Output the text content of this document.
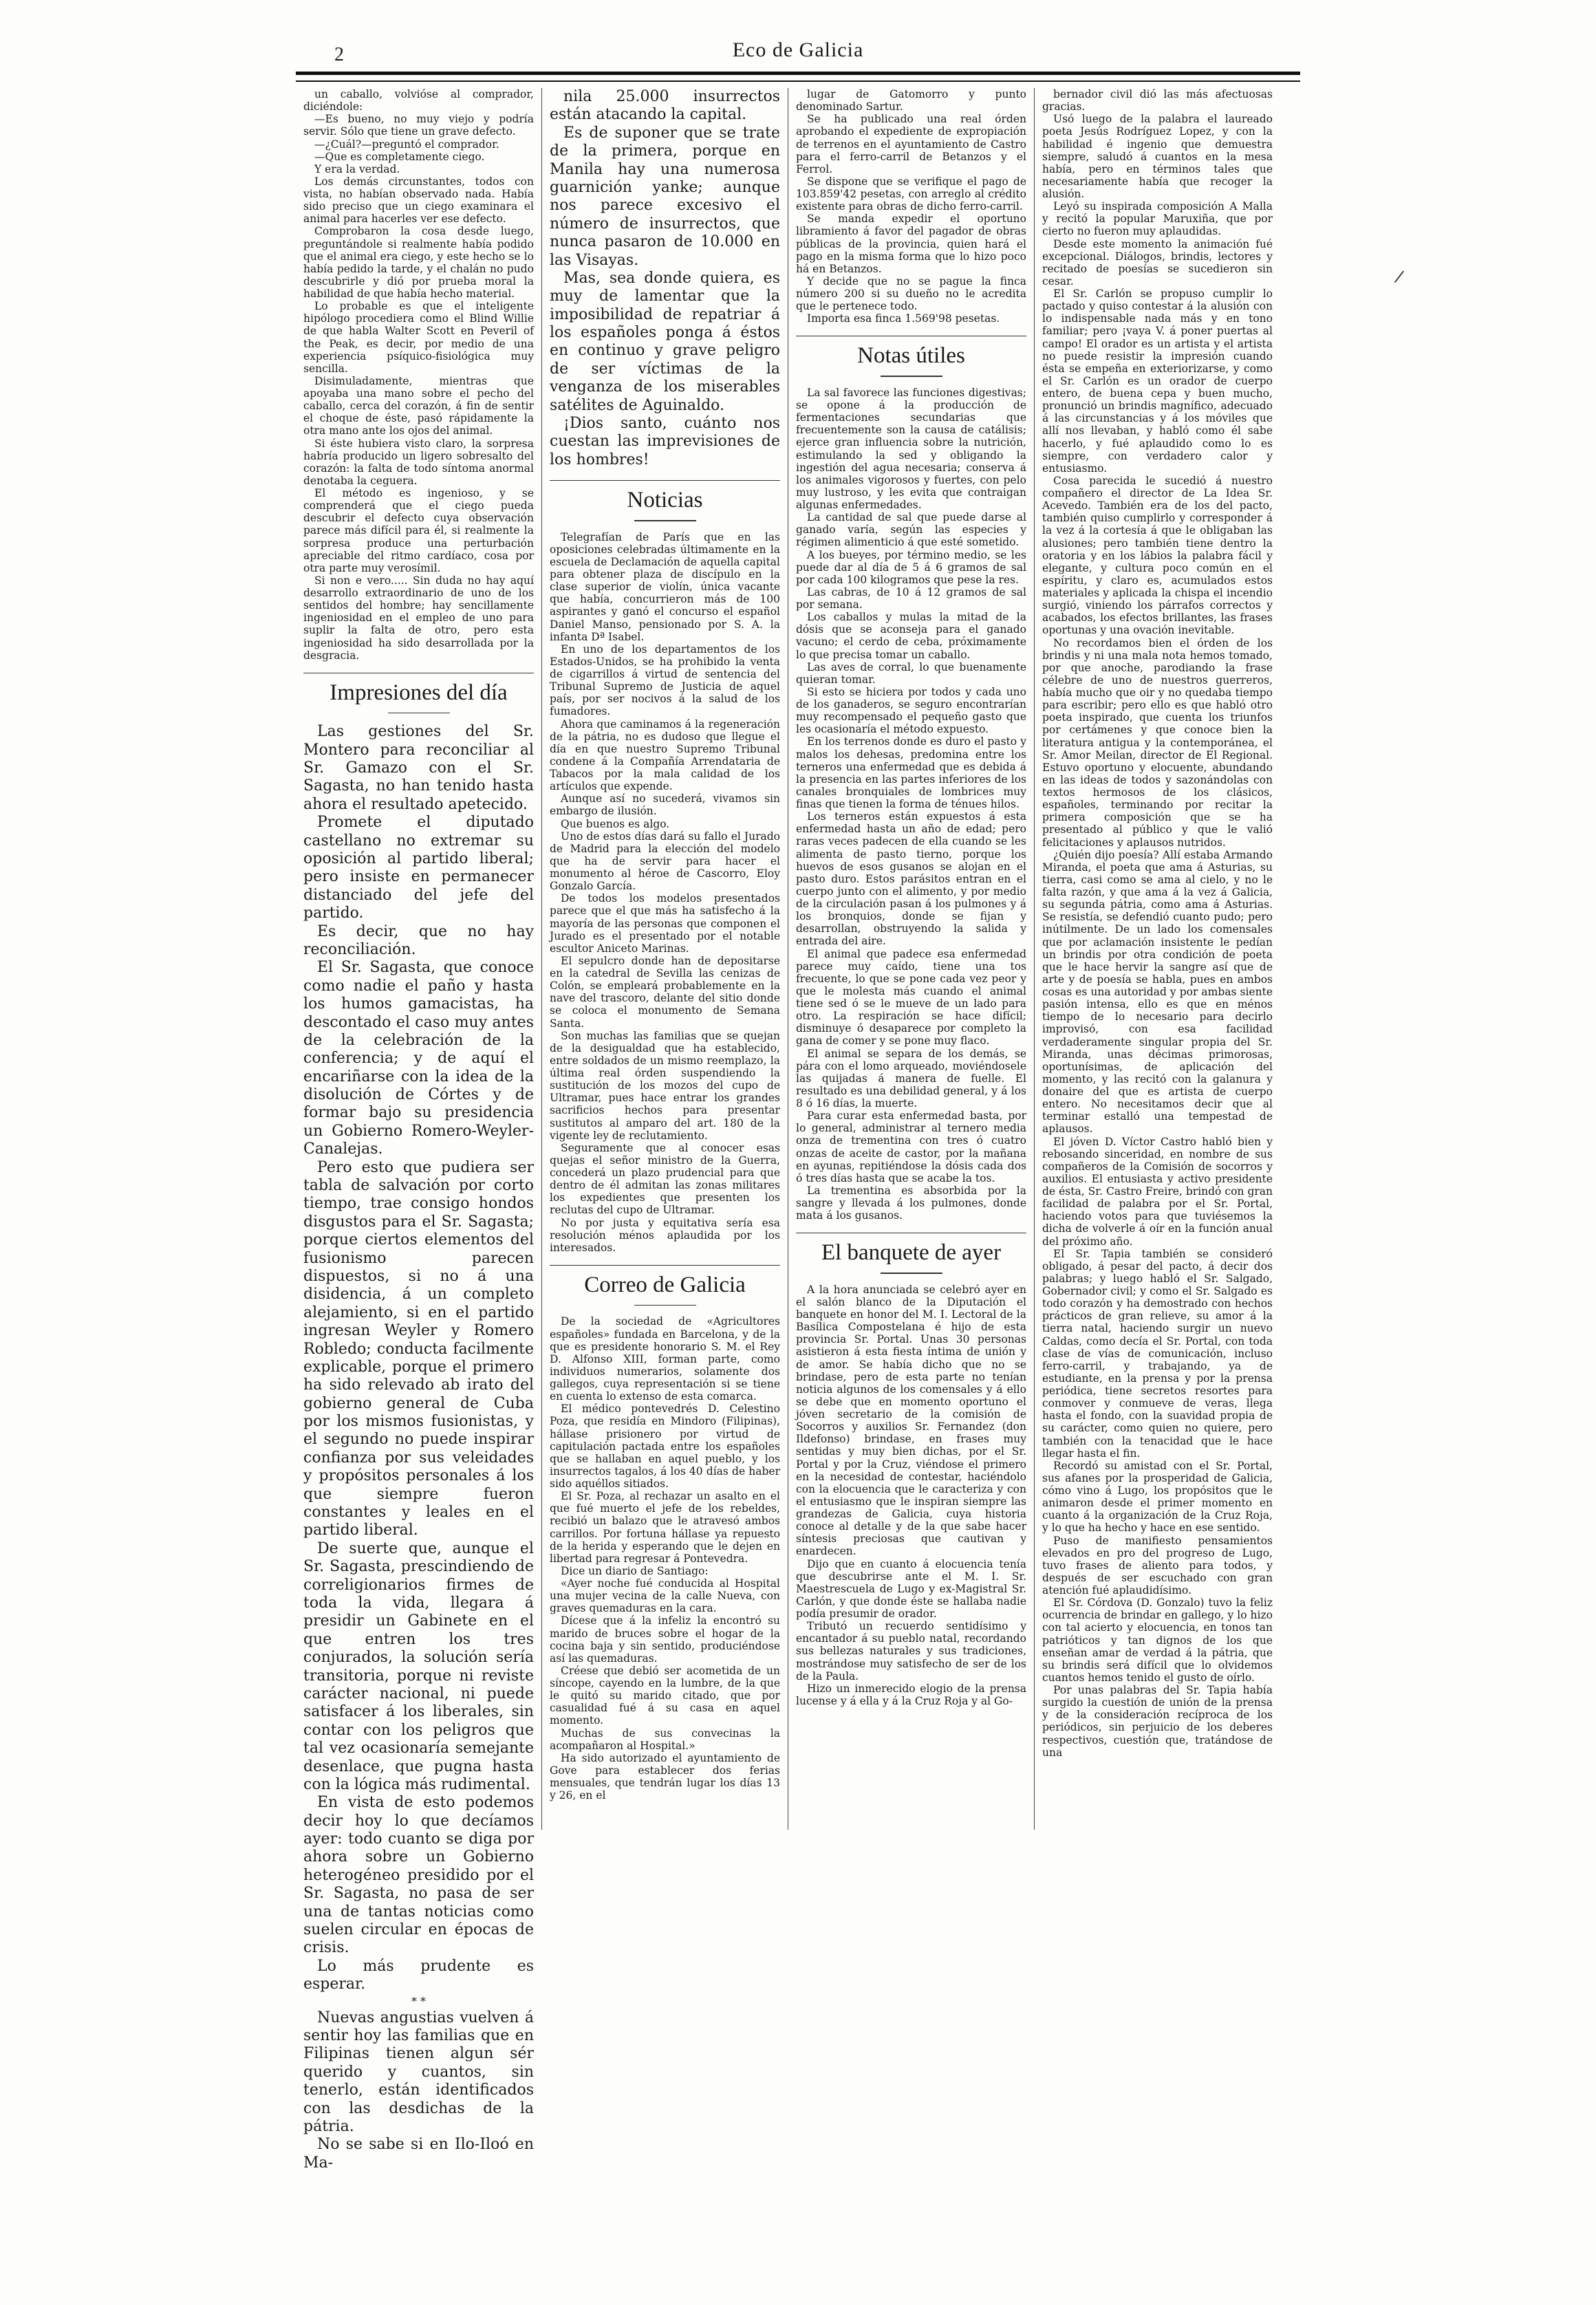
2	Eco de Galicia

un caballo, volvióse al comprador, diciéndole:

—Es bueno, no muy viejo y podría servir. Sólo que tiene un grave defecto.

—¿Cuál?—preguntó el comprador.

—Que es completamente ciego.

Y era la verdad.

Los demás circunstantes, todos con vista, no habían observado nada. Había sido preciso que un ciego examinara el animal para hacerles ver ese defecto.

Comprobaron la cosa desde luego, preguntándole si realmente había podido que el animal era ciego, y este hecho se lo había pedido la tarde, y el chalán no pudo descubrirle y dió por prueba moral la habilidad de que había hecho material.

Lo probable es que el inteligente hipólogo procediera como el Blind Willie de que habla Walter Scott en Peveril of the Peak, es decir, por medio de una experiencia psíquico-fisiológica muy sencilla.

Disimuladamente, mientras que apoyaba una mano sobre el pecho del caballo, cerca del corazón, á fin de sentir el choque de éste, pasó rápidamente la otra mano ante los ojos del animal.

Si éste hubiera visto claro, la sorpresa habría producido un ligero sobresalto del corazón: la falta de todo síntoma anormal denotaba la ceguera.

El método es ingenioso, y se comprenderá que el ciego pueda descubrir el defecto cuya observación parece más difícil para él, si realmente la sorpresa produce una perturbación apreciable del ritmo cardíaco, cosa por otra parte muy verosímil.

Si non e vero..... Sin duda no hay aquí desarrollo extraordinario de uno de los sentidos del hombre; hay sencillamente ingeniosidad en el empleo de uno para suplir la falta de otro, pero esta ingeniosidad ha sido desarrollada por la desgracia.

Impresiones del día

Las gestiones del Sr. Montero para reconciliar al Sr. Gamazo con el Sr. Sagasta, no han tenido hasta ahora el resultado apetecido.

Promete el diputado castellano no extremar su oposición al partido liberal; pero insiste en permanecer distanciado del jefe del partido.

Es decir, que no hay reconciliación.

El Sr. Sagasta, que conoce como nadie el paño y hasta los humos gamacistas, ha descontado el caso muy antes de la celebración de la conferencia; y de aquí el encariñarse con la idea de la disolución de Córtes y de formar bajo su presidencia un Gobierno Romero-Weyler-Canalejas.

Pero esto que pudiera ser tabla de salvación por corto tiempo, trae consigo hondos disgustos para el Sr. Sagasta; porque ciertos elementos del fusionismo parecen dispuestos, si no á una disidencia, á un completo alejamiento, si en el partido ingresan Weyler y Romero Robledo; conducta facilmente explicable, porque el primero ha sido relevado ab irato del gobierno general de Cuba por los mismos fusionistas, y el segundo no puede inspirar confianza por sus veleidades y propósitos personales á los que siempre fueron constantes y leales en el partido liberal.

De suerte que, aunque el Sr. Sagasta, prescindiendo de correligionarios firmes de toda la vida, llegara á presidir un Gabinete en el que entren los tres conjurados, la solución sería transitoria, porque ni reviste carácter nacional, ni puede satisfacer á los liberales, sin contar con los peligros que tal vez ocasionaría semejante desenlace, que pugna hasta con la lógica más rudimental.

En vista de esto podemos decir hoy lo que decíamos ayer: todo cuanto se diga por ahora sobre un Gobierno heterogéneo presidido por el Sr. Sagasta, no pasa de ser una de tantas noticias como suelen circular en épocas de crisis.

Lo más prudente es esperar.

* *

Nuevas angustias vuelven á sentir hoy las familias que en Filipinas tienen algun sér querido y cuantos, sin tenerlo, están identificados con las desdichas de la pátria.

No se sabe si en Ilo-Iloó en Ma-

nila 25.000 insurrectos están atacando la capital.

Es de suponer que se trate de la primera, porque en Manila hay una numerosa guarnición yanke; aunque nos parece excesivo el número de insurrectos, que nunca pasaron de 10.000 en las Visayas.

Mas, sea donde quiera, es muy de lamentar que la imposibilidad de repatriar á los españoles ponga á éstos en continuo y grave peligro de ser víctimas de la venganza de los miserables satélites de Aguinaldo.

¡Dios santo, cuánto nos cuestan las imprevisiones de los hombres!

Noticias

Telegrafían de París que en las oposiciones celebradas últimamente en la escuela de Declamación de aquella capital para obtener plaza de discípulo en la clase superior de violín, única vacante que había, concurrieron más de 100 aspirantes y ganó el concurso el español Daniel Manso, pensionado por S. A. la infanta Dª Isabel.

En uno de los departamentos de los Estados-Unidos, se ha prohibido la venta de cigarrillos á virtud de sentencia del Tribunal Supremo de Justicia de aquel país, por ser nocivos á la salud de los fumadores.

Ahora que caminamos á la regeneración de la pátria, no es dudoso que llegue el día en que nuestro Supremo Tribunal condene á la Compañía Arrendataria de Tabacos por la mala calidad de los artículos que expende.

Aunque así no sucederá, vivamos sin embargo de ilusión.

Que buenos es algo.

Uno de estos días dará su fallo el Jurado de Madrid para la elección del modelo que ha de servir para hacer el monumento al héroe de Cascorro, Eloy Gonzalo García.

De todos los modelos presentados parece que el que más ha satisfecho á la mayoría de las personas que componen el Jurado es el presentado por el notable escultor Aniceto Marinas.

El sepulcro donde han de depositarse en la catedral de Sevilla las cenizas de Colón, se empleará probablemente en la nave del trascoro, delante del sitio donde se coloca el monumento de Semana Santa.

Son muchas las familias que se quejan de la desigualdad que ha establecido, entre soldados de un mismo reemplazo, la última real órden suspendiendo la sustitución de los mozos del cupo de Ultramar, pues hace entrar los grandes sacrificios hechos para presentar sustitutos al amparo del art. 180 de la vigente ley de reclutamiento.

Seguramente que al conocer esas quejas el señor ministro de la Guerra, concederá un plazo prudencial para que dentro de él admitan las zonas militares los expedientes que presenten los reclutas del cupo de Ultramar.

No por justa y equitativa sería esa resolución ménos aplaudida por los interesados.

Correo de Galicia

De la sociedad de «Agricultores españoles» fundada en Barcelona, y de la que es presidente honorario S. M. el Rey D. Alfonso XIII, forman parte, como individuos numerarios, solamente dos gallegos, cuya representación si se tiene en cuenta lo extenso de esta comarca.

El médico pontevedrés D. Celestino Poza, que residía en Mindoro (Filipinas), hállase prisionero por virtud de capitulación pactada entre los españoles que se hallaban en aquel pueblo, y los insurrectos tagalos, á los 40 días de haber sido aquéllos sitiados.

El Sr. Poza, al rechazar un asalto en el que fué muerto el jefe de los rebeldes, recibió un balazo que le atravesó ambos carrillos. Por fortuna hállase ya repuesto de la herida y esperando que le dejen en libertad para regresar á Pontevedra.

Dice un diario de Santiago:

«Ayer noche fué conducida al Hospital una mujer vecina de la calle Nueva, con graves quemaduras en la cara.

Dícese que á la infeliz la encontró su marido de bruces sobre el hogar de la cocina baja y sin sentido, produciéndose así las quemaduras.

Créese que debió ser acometida de un síncope, cayendo en la lumbre, de la que le quitó su marido citado, que por casualidad fué á su casa en aquel momento.

Muchas de sus convecinas la acompañaron al Hospital.»

Ha sido autorizado el ayuntamiento de Gove para establecer dos ferias mensuales, que tendrán lugar los días 13 y 26, en el

lugar de Gatomorro y punto denominado Sartur.

Se ha publicado una real órden aprobando el expediente de expropiación de terrenos en el ayuntamiento de Castro para el ferro-carril de Betanzos y el Ferrol.

Se dispone que se verifique el pago de 103.859'42 pesetas, con arreglo al crédito existente para obras de dicho ferro-carril.

Se manda expedir el oportuno libramiento á favor del pagador de obras públicas de la provincia, quien hará el pago en la misma forma que lo hizo poco há en Betanzos.

Y decide que no se pague la finca número 200 si su dueño no le acredita que le pertenece todo.

Importa esa finca 1.569'98 pesetas.

Notas útiles

La sal favorece las funciones digestivas; se opone á la producción de fermentaciones secundarias que frecuentemente son la causa de catálisis; ejerce gran influencia sobre la nutrición, estimulando la sed y obligando la ingestión del agua necesaria; conserva á los animales vigorosos y fuertes, con pelo muy lustroso, y les evita que contraigan algunas enfermedades.

La cantidad de sal que puede darse al ganado varía, según las especies y régimen alimenticio á que esté sometido.

A los bueyes, por término medio, se les puede dar al día de 5 á 6 gramos de sal por cada 100 kilogramos que pese la res.

Las cabras, de 10 á 12 gramos de sal por semana.

Los caballos y mulas la mitad de la dósis que se aconseja para el ganado vacuno; el cerdo de ceba, próximamente lo que precisa tomar un caballo.

Las aves de corral, lo que buenamente quieran tomar.

Si esto se hiciera por todos y cada uno de los ganaderos, se seguro encontrarían muy recompensado el pequeño gasto que les ocasionaría el método expuesto.

En los terrenos donde es duro el pasto y malos los dehesas, predomina entre los terneros una enfermedad que es debida á la presencia en las partes inferiores de los canales bronquiales de lombrices muy finas que tienen la forma de ténues hilos.

Los terneros están expuestos á esta enfermedad hasta un año de edad; pero raras veces padecen de ella cuando se les alimenta de pasto tierno, porque los huevos de esos gusanos se alojan en el pasto duro. Estos parásitos entran en el cuerpo junto con el alimento, y por medio de la circulación pasan á los pulmones y á los bronquios, donde se fijan y desarrollan, obstruyendo la salida y entrada del aire.

El animal que padece esa enfermedad parece muy caído, tiene una tos frecuente, lo que se pone cada vez peor y que le molesta más cuando el animal tiene sed ó se le mueve de un lado para otro. La respiración se hace difícil; disminuye ó desaparece por completo la gana de comer y se pone muy flaco.

El animal se separa de los demás, se pára con el lomo arqueado, moviéndosele las quijadas á manera de fuelle. El resultado es una debilidad general, y á los 8 ó 16 días, la muerte.

Para curar esta enfermedad basta, por lo general, administrar al ternero media onza de trementina con tres ó cuatro onzas de aceite de castor, por la mañana en ayunas, repitiéndose la dósis cada dos ó tres días hasta que se acabe la tos.

La trementina es absorbida por la sangre y llevada á los pulmones, donde mata á los gusanos.

El banquete de ayer

A la hora anunciada se celebró ayer en el salón blanco de la Diputación el banquete en honor del M. I. Lectoral de la Basílica Compostelana é hijo de esta provincia Sr. Portal. Unas 30 personas asistieron á esta fiesta íntima de unión y de amor. Se había dicho que no se brindase, pero de esta parte no tenían noticia algunos de los comensales y á ello se debe que en momento oportuno el jóven secretario de la comisión de Socorros y auxilios Sr. Fernandez (don Ildefonso) brindase, en frases muy sentidas y muy bien dichas, por el Sr. Portal y por la Cruz, viéndose el primero en la necesidad de contestar, haciéndolo con la elocuencia que le caracteriza y con el entusiasmo que le inspiran siempre las grandezas de Galicia, cuya historia conoce al detalle y de la que sabe hacer síntesis preciosas que cautivan y enardecen.

Dijo que en cuanto á elocuencia tenía que descubrirse ante el M. I. Sr. Maestrescuela de Lugo y ex-Magistral Sr. Carlón, y que donde éste se hallaba nadie podía presumir de orador.

Tributó un recuerdo sentidísimo y encantador á su pueblo natal, recordando sus bellezas naturales y sus tradiciones, mostrándose muy satisfecho de ser de los de la Paula.

Hizo un inmerecido elogio de la prensa lucense y á ella y á la Cruz Roja y al Go-

bernador civil dió las más afectuosas gracias.

Usó luego de la palabra el laureado poeta Jesús Rodríguez Lopez, y con la habilidad é ingenio que demuestra siempre, saludó á cuantos en la mesa había, pero en términos tales que necesariamente había que recoger la alusión.

Leyó su inspirada composición A Malla y recitó la popular Maruxiña, que por cierto no fueron muy aplaudidas.

Desde este momento la animación fué excepcional. Diálogos, brindis, lectores y recitado de poesías se sucedieron sin cesar.

El Sr. Carlón se propuso cumplir lo pactado y quiso contestar á la alusión con lo indispensable nada más y en tono familiar; pero ¡vaya V. á poner puertas al campo! El orador es un artista y el artista no puede resistir la impresión cuando ésta se empeña en exteriorizarse, y como el Sr. Carlón es un orador de cuerpo entero, de buena cepa y buen mucho, pronunció un brindis magnífico, adecuado á las circunstancias y á los móviles que allí nos llevaban, y habló como él sabe hacerlo, y fué aplaudido como lo es siempre, con verdadero calor y entusiasmo.

Cosa parecida le sucedió á nuestro compañero el director de La Idea Sr. Acevedo. También era de los del pacto, también quiso cumplirlo y corresponder á la vez á la cortesía á que le obligaban las alusiones; pero también tiene dentro la oratoria y en los lábios la palabra fácil y elegante, y cultura poco común en el espíritu, y claro es, acumulados estos materiales y aplicada la chispa el incendio surgió, viniendo los párrafos correctos y acabados, los efectos brillantes, las frases oportunas y una ovación inevitable.

No recordamos bien el órden de los brindis y ni una mala nota hemos tomado, por que anoche, parodiando la frase célebre de uno de nuestros guerreros, había mucho que oir y no quedaba tiempo para escribir; pero ello es que habló otro poeta inspirado, que cuenta los triunfos por certámenes y que conoce bien la literatura antigua y la contemporánea, el Sr. Amor Meilan, director de El Regional. Estuvo oportuno y elocuente, abundando en las ideas de todos y sazonándolas con textos hermosos de los clásicos, españoles, terminando por recitar la primera composición que se ha presentado al público y que le valió felicitaciones y aplausos nutridos.

¿Quién dijo poesía? Allí estaba Armando Miranda, el poeta que ama á Asturias, su tierra, casi como se ama al cielo, y no le falta razón, y que ama á la vez á Galicia, su segunda pátria, como ama á Asturias. Se resistía, se defendió cuanto pudo; pero inútilmente. De un lado los comensales que por aclamación insistente le pedían un brindis por otra condición de poeta que le hace hervir la sangre así que de arte y de poesía se habla, pues en ambos cosas es una autoridad y por ambas siente pasión intensa, ello es que en ménos tiempo de lo necesario para decirlo improvisó, con esa facilidad verdaderamente singular propia del Sr. Miranda, unas décimas primorosas, oportunísimas, de aplicación del momento, y las recitó con la galanura y donaire del que es artista de cuerpo entero. No necesitamos decir que al terminar estalló una tempestad de aplausos.

El jóven D. Víctor Castro habló bien y rebosando sinceridad, en nombre de sus compañeros de la Comisión de socorros y auxilios. El entusiasta y activo presidente de ésta, Sr. Castro Freire, brindó con gran facilidad de palabra por el Sr. Portal, haciendo votos para que tuviésemos la dicha de volverle á oír en la función anual del próximo año.

El Sr. Tapia también se consideró obligado, á pesar del pacto, á decir dos palabras; y luego habló el Sr. Salgado, Gobernador civil; y como el Sr. Salgado es todo corazón y ha demostrado con hechos prácticos de gran relieve, su amor á la tierra natal, haciendo surgir un nuevo Caldas, como decía el Sr. Portal, con toda clase de vías de comunicación, incluso ferro-carril, y trabajando, ya de estudiante, en la prensa y por la prensa periódica, tiene secretos resortes para conmover y conmueve de veras, llega hasta el fondo, con la suavidad propia de su carácter, como quien no quiere, pero también con la tenacidad que le hace llegar hasta el fin.

Recordó su amistad con el Sr. Portal, sus afanes por la prosperidad de Galicia, cómo vino á Lugo, los propósitos que le animaron desde el primer momento en cuanto á la organización de la Cruz Roja, y lo que ha hecho y hace en ese sentido.

Puso de manifiesto pensamientos elevados en pro del progreso de Lugo, tuvo frases de aliento para todos, y después de ser escuchado con gran atención fué aplaudidísimo.

El Sr. Córdova (D. Gonzalo) tuvo la feliz ocurrencia de brindar en gallego, y lo hizo con tal acierto y elocuencia, en tonos tan patrióticos y tan dignos de los que enseñan amar de verdad á la pátria, que su brindis será difícil que lo olvidemos cuantos hemos tenido el gusto de oírlo.

Por unas palabras del Sr. Tapia había surgido la cuestión de unión de la prensa y de la consideración recíproca de los periódicos, sin perjuicio de los deberes respectivos, cuestión que, tratándose de una

/
